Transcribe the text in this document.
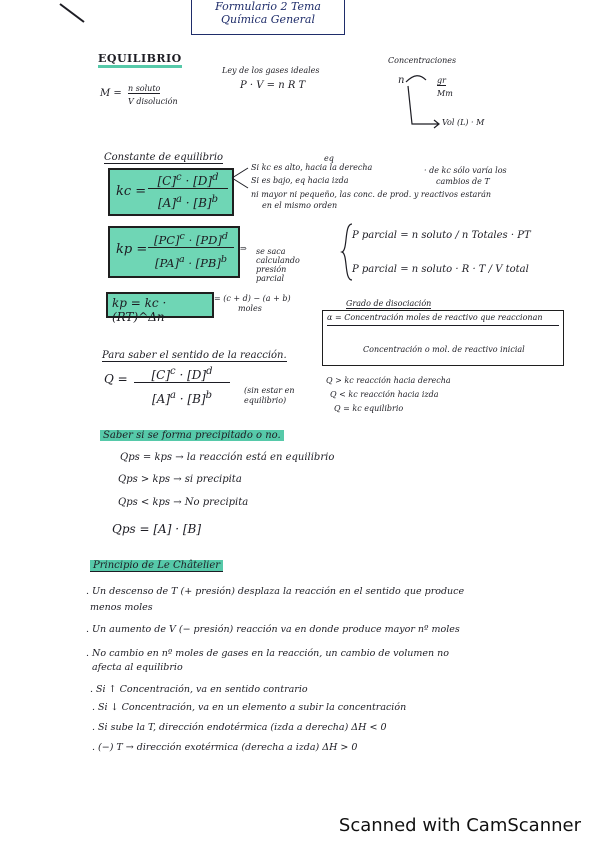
Formulario 2 Tema
Química General
EQUILIBRIO
M = n soluto
V disolución
Ley de los gases ideales
P · V = n R T
Concentraciones
n	gr
Mm
Vol (L) · M
Constante de equilibrio
kc =
$[C]^c \cdot [D]^d$
$[A]^a \cdot [B]^b$
Si kc es alto, hacia la derecha
eq
Si es bajo, eq hacia izda
ni mayor ni pequeño, las conc. de prod. y reactivos estarán
en el mismo orden
· de kc sólo varía los
cambios de T
kp =
[PC]$^c$ · [PD]$^d$
[PA]$^a$ · [PB]$^b$
⇒ se saca calculando presión parcial
P parcial = n soluto / n Totales · PT
P parcial = n soluto · R · T / V total
kp = kc · (RT)^Δn
= (c + d) − (a + b)
moles
Grado de disociación
α = Concentración moles de reactivo que reaccionan
Concentración o mol. de reactivo inicial
Para saber el sentido de la reacción.
Q =	$[C]^c \cdot [D]^d$
$[A]^a \cdot [B]^b$	(sin estar en equilibrio)
Q > kc reacción hacia derecha
Q < kc reacción hacia izda
Q = kc equilibrio
Saber si se forma precipitado o no.
Qps = kps → la reacción está en equilibrio
Qps > kps → si precipita
Qps < kps → No precipita
Qps = [A] · [B]
Principio de Le Châtelier
. Un descenso de T (+ presión) desplaza la reacción en el sentido que produce
menos moles
. Un aumento de V (− presión) reacción va en donde produce mayor nº moles
. No cambio en nº moles de gases en la reacción, un cambio de volumen no
afecta al equilibrio
. Si ↑ Concentración, va en sentido contrario
. Si ↓ Concentración, va en un elemento a subir la concentración
. Si sube la T, dirección endotérmica (izda a derecha) ΔH < 0
. (−) T → dirección exotérmica (derecha a izda) ΔH > 0
Scanned with CamScanner
